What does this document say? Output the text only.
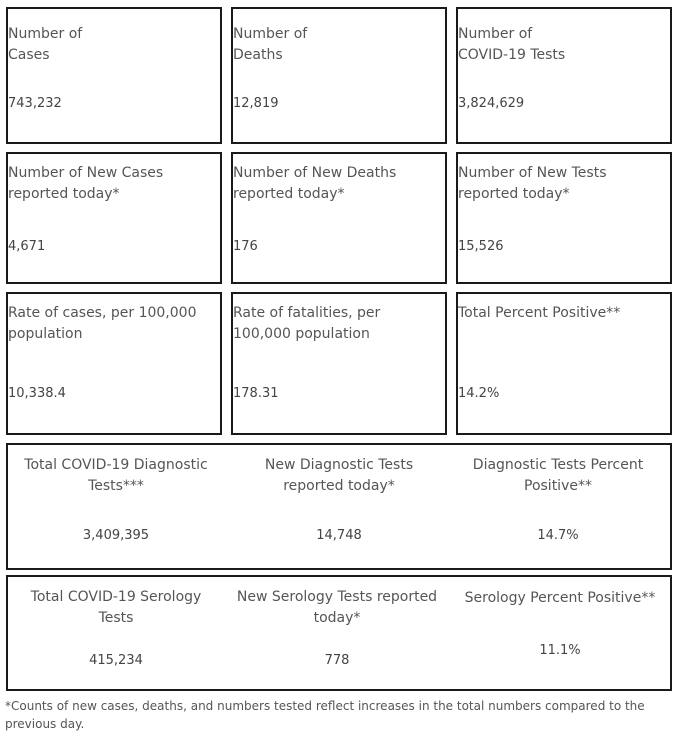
Number of
Cases
743,232
Number of
Deaths
12,819
Number of
COVID-19 Tests
3,824,629
Number of New Cases
reported today*
4,671
Number of New Deaths
reported today*
176
Number of New Tests
reported today*
15,526
Rate of cases, per 100,000
population
10,338.4
Rate of fatalities, per
100,000 population
178.31
Total Percent Positive**
14.2%
Total COVID-19 Diagnostic
Tests***
3,409,395
New Diagnostic Tests
reported today*
14,748
Diagnostic Tests Percent
Positive**
14.7%
Total COVID-19 Serology
Tests
415,234
New Serology Tests reported
today*
778
Serology Percent Positive**
11.1%
*Counts of new cases, deaths, and numbers tested reflect increases in the total numbers compared to the previous day.
